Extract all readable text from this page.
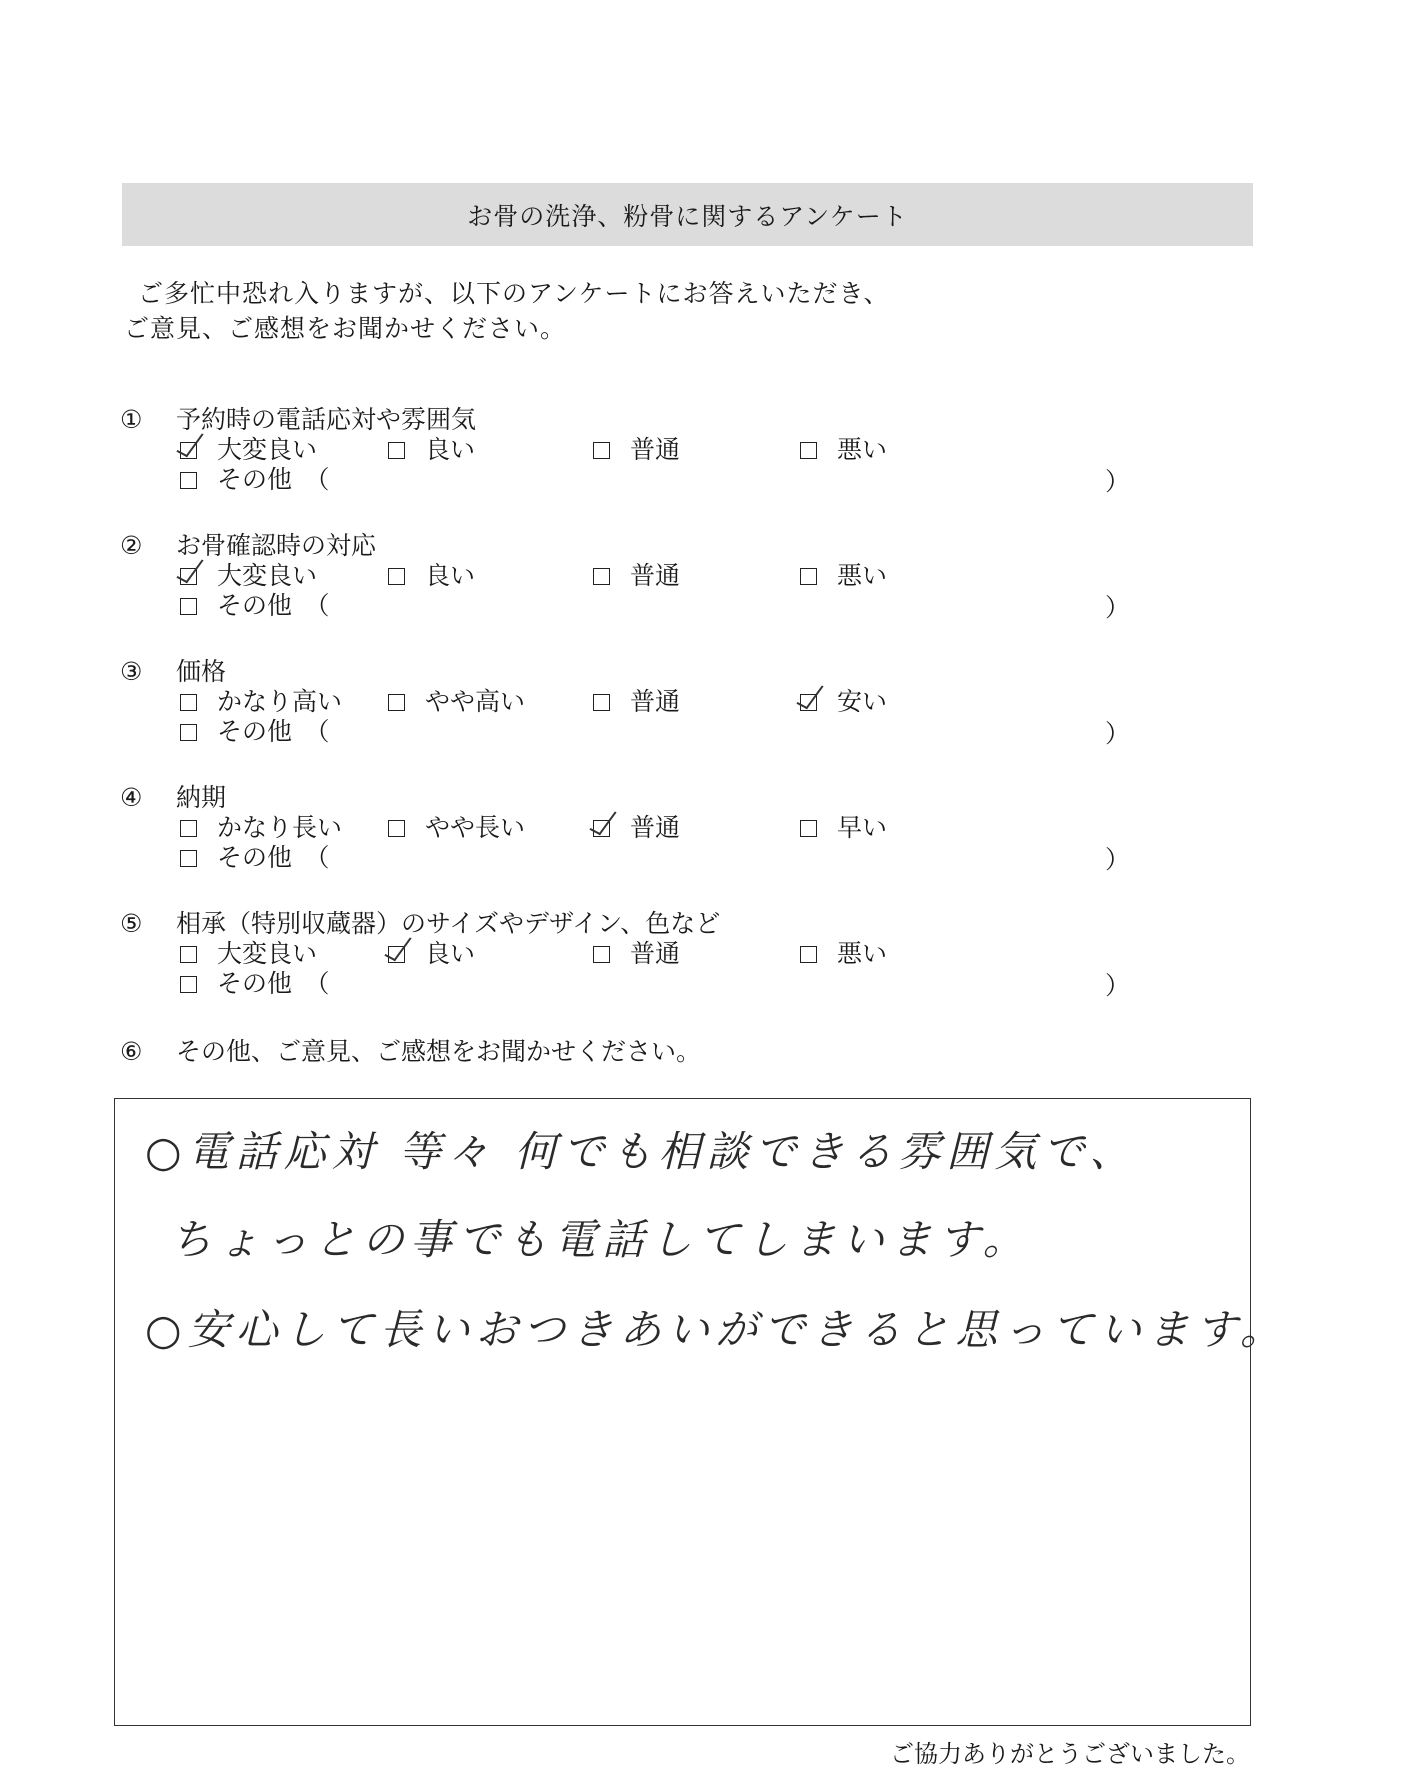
お骨の洗浄、粉骨に関するアンケート
ご多忙中恐れ入りますが、以下のアンケートにお答えいただき、
ご意見、ご感想をお聞かせください。
① 予約時の電話応対や雰囲気
大変良い	良い	普通	悪い
その他　（	）
② お骨確認時の対応
大変良い	良い	普通	悪い
その他　（	）
③ 価格
かなり高い	やや高い	普通	安い
その他　（	）
④ 納期
かなり長い	やや長い	普通	早い
その他　（	）
⑤ 相承（特別収蔵器）のサイズやデザイン、色など
大変良い	良い	普通	悪い
その他　（	）
⑥ その他、ご意見、ご感想をお聞かせください。
○電話応対 等々 何でも相談できる雰囲気で、
ちょっとの事でも電話してしまいます。
○安心して長いおつきあいができると思っています。
ご協力ありがとうございました。
